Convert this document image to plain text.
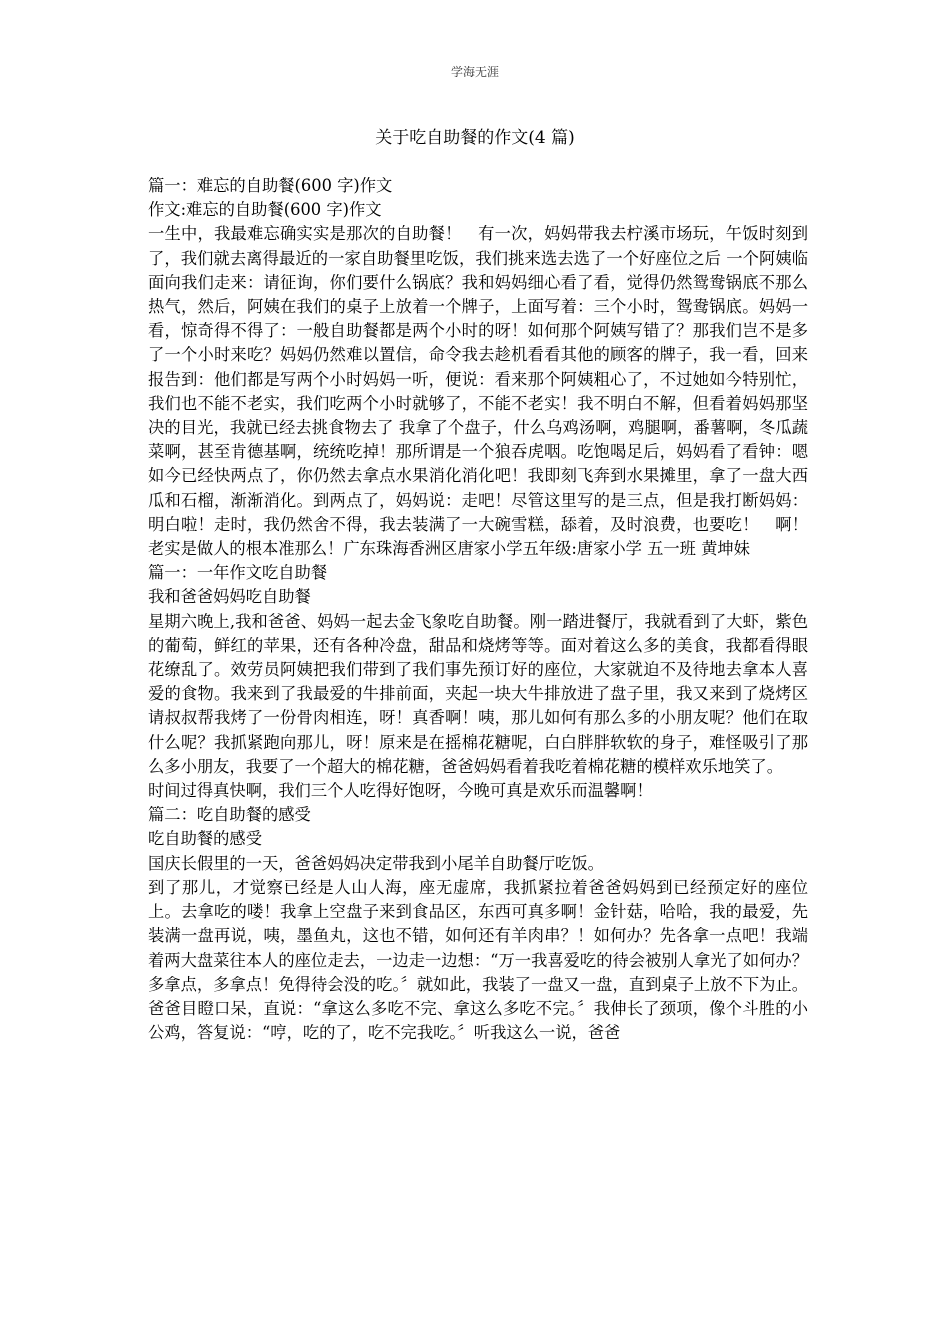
学海无涯
关于吃自助餐的作文(4 篇)

篇一：难忘的自助餐(600 字)作文

作文:难忘的自助餐(600 字)作文

一生中，我最难忘确实实是那次的自助餐！　有一次，妈妈带我去柠溪市场玩，午饭时刻到了，我们就去离得最近的一家自助餐里吃饭，我们挑来选去选了一个好座位之后 一个阿姨临面向我们走来：请征询，你们要什么锅底？我和妈妈细心看了看，觉得仍然鸳鸯锅底不那么热气，然后，阿姨在我们的桌子上放着一个牌子，上面写着：三个小时，鸳鸯锅底。妈妈一看，惊奇得不得了：一般自助餐都是两个小时的呀！如何那个阿姨写错了？那我们岂不是多了一个小时来吃？妈妈仍然难以置信，命令我去趁机看看其他的顾客的牌子，我一看，回来报告到：他们都是写两个小时妈妈一听，便说：看来那个阿姨粗心了，不过她如今特别忙，我们也不能不老实，我们吃两个小时就够了，不能不老实！我不明白不解，但看着妈妈那坚决的目光，我就已经去挑食物去了 我拿了个盘子，什么乌鸡汤啊，鸡腿啊，番薯啊，冬瓜蔬菜啊，甚至肯德基啊，统统吃掉！那所谓是一个狼吞虎咽。吃饱喝足后，妈妈看了看钟：嗯如今已经快两点了，你仍然去拿点水果消化消化吧！我即刻飞奔到水果摊里，拿了一盘大西瓜和石榴，渐渐消化。到两点了，妈妈说：走吧！尽管这里写的是三点，但是我打断妈妈：明白啦！走时，我仍然舍不得，我去装满了一大碗雪糕，舔着，及时浪费，也要吃！　啊！老实是做人的根本准那么！广东珠海香洲区唐家小学五年级:唐家小学 五一班 黄坤妹

篇一：一年作文吃自助餐

我和爸爸妈妈吃自助餐

星期六晚上,我和爸爸、妈妈一起去金飞象吃自助餐。刚一踏进餐厅，我就看到了大虾，紫色的葡萄，鲜红的苹果，还有各种冷盘，甜品和烧烤等等。面对着这么多的美食，我都看得眼花缭乱了。效劳员阿姨把我们带到了我们事先预订好的座位，大家就迫不及待地去拿本人喜爱的食物。我来到了我最爱的牛排前面，夹起一块大牛排放进了盘子里，我又来到了烧烤区请叔叔帮我烤了一份骨肉相连，呀！真香啊！咦，那儿如何有那么多的小朋友呢？他们在取什么呢？我抓紧跑向那儿，呀！原来是在摇棉花糖呢，白白胖胖软软的身子，难怪吸引了那么多小朋友，我要了一个超大的棉花糖，爸爸妈妈看着我吃着棉花糖的模样欢乐地笑了。

时间过得真快啊，我们三个人吃得好饱呀，今晚可真是欢乐而温馨啊！

篇二：吃自助餐的感受

吃自助餐的感受

国庆长假里的一天，爸爸妈妈决定带我到小尾羊自助餐厅吃饭。

到了那儿，才觉察已经是人山人海，座无虚席，我抓紧拉着爸爸妈妈到已经预定好的座位上。去拿吃的喽！我拿上空盘子来到食品区，东西可真多啊！金针菇，哈哈，我的最爱，先装满一盘再说，咦，墨鱼丸，这也不错，如何还有羊肉串？！如何办？先各拿一点吧！我端着两大盘菜往本人的座位走去，一边走一边想：“万一我喜爱吃的待会被别人拿光了如何办？多拿点，多拿点！免得待会没的吃。〞就如此，我装了一盘又一盘，直到桌子上放不下为止。爸爸目瞪口呆，直说：“拿这么多吃不完、拿这么多吃不完。〞我伸长了颈项，像个斗胜的小公鸡，答复说：“哼，吃的了，吃不完我吃。〞听我这么一说，爸爸
